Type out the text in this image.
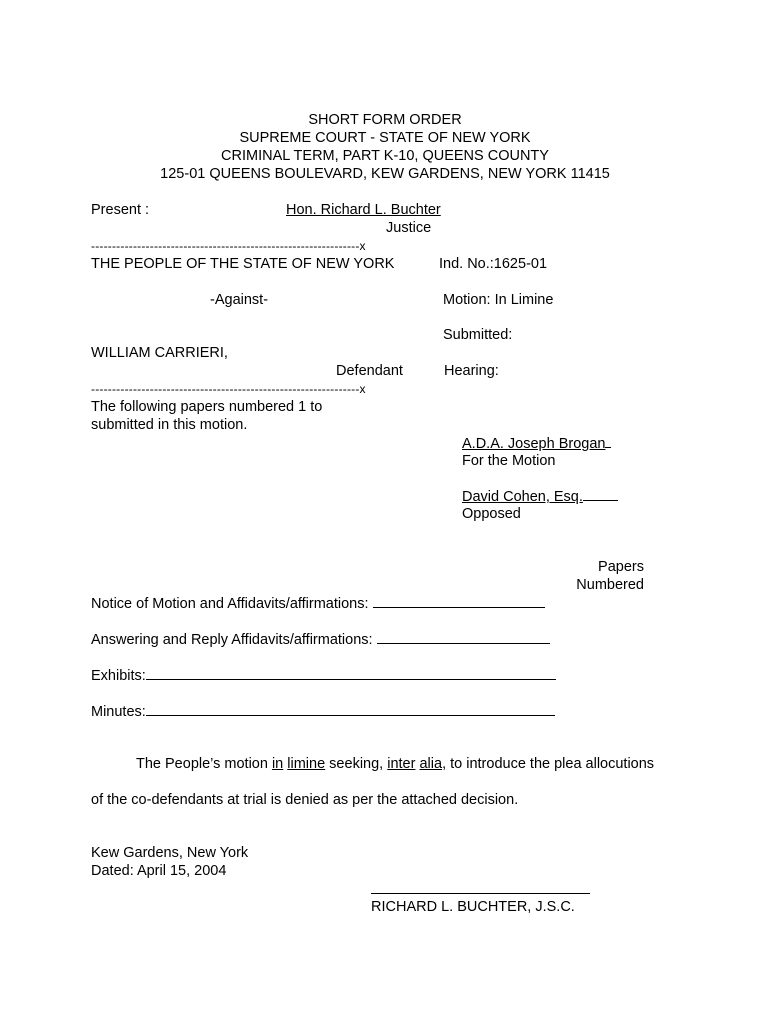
SHORT FORM ORDER
SUPREME COURT - STATE OF NEW YORK
CRIMINAL TERM, PART K-10, QUEENS COUNTY
125-01 QUEENS BOULEVARD, KEW GARDENS, NEW YORK 11415
Present :	Hon. Richard L. Buchter
Justice
----------------------------------------------------------------x
THE PEOPLE OF THE STATE OF NEW YORK	Ind. No.:1625-01
-Against-	Motion: In Limine
Submitted:
WILLIAM CARRIERI,
Defendant	Hearing:
----------------------------------------------------------------x
The following papers numbered 1 to
submitted in this motion.
A.D.A. Joseph Brogan
For the Motion
David Cohen, Esq.
Opposed
Papers
Numbered
Notice of Motion and Affidavits/affirmations:
Answering and Reply Affidavits/affirmations:
Exhibits:
Minutes:
The People’s motion in limine seeking, inter alia, to introduce the plea allocutions
of the co-defendants at trial is denied as per the attached decision.
Kew Gardens, New York
Dated: April 15, 2004
RICHARD L. BUCHTER, J.S.C.
